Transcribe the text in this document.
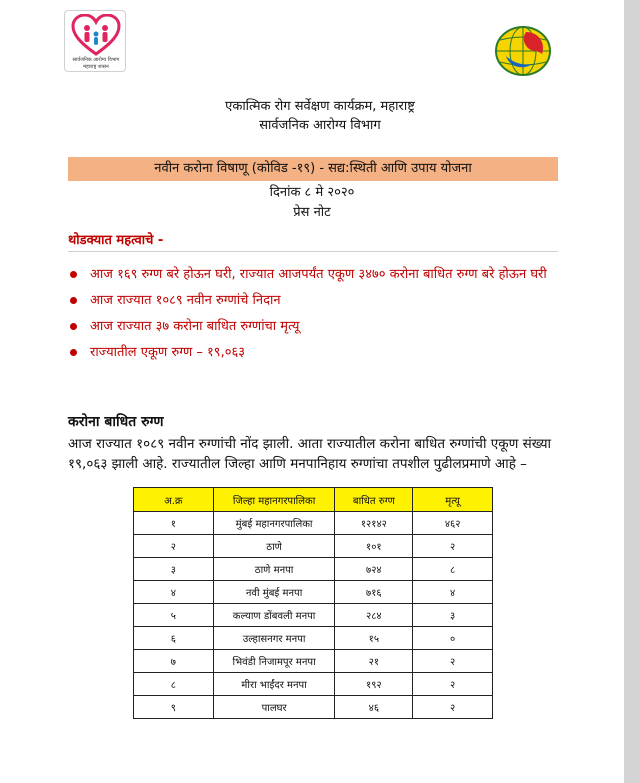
सार्वजनिक आरोग्य विभाग
महाराष्ट्र शासन
एकात्मिक रोग सर्वेक्षण कार्यक्रम, महाराष्ट्र
सार्वजनिक आरोग्य विभाग
नवीन करोना विषाणू (कोविड -१९) - सद्य:स्थिती आणि उपाय योजना
दिनांक ८ मे २०२०
प्रेस नोट
थोडक्यात महत्वाचे -
आज १६९ रुग्ण बरे होऊन घरी, राज्यात आजपर्यंत एकूण ३४७० करोना बाधित रुग्ण बरे होऊन घरी
आज राज्यात १०८९ नवीन रुग्णांचे निदान
आज राज्यात ३७ करोना बाधित रुग्णांचा मृत्यू
राज्यातील एकूण रुग्ण – १९,०६३
करोना बाधित रुग्ण
आज राज्यात १०८९ नवीन रुग्णांची नोंद झाली. आता राज्यातील करोना बाधित रुग्णांची एकूण संख्या १९,०६३ झाली आहे. राज्यातील जिल्हा आणि मनपानिहाय रुग्णांचा तपशील पुढीलप्रमाणे आहे –
अ.क्र	जिल्हा महानगरपालिका	बाधित रुग्ण	मृत्यू
१	मुंबई महानगरपालिका	१२१४२	४६२
२	ठाणे	१०१	२
३	ठाणे मनपा	७२४	८
४	नवी मुंबई मनपा	७१६	४
५	कल्याण डोंबवली मनपा	२८४	३
६	उल्हासनगर मनपा	१५	०
७	भिवंडी निजामपूर मनपा	२१	२
८	मीरा भाईंदर मनपा	१९२	२
९	पालघर	४६	२
